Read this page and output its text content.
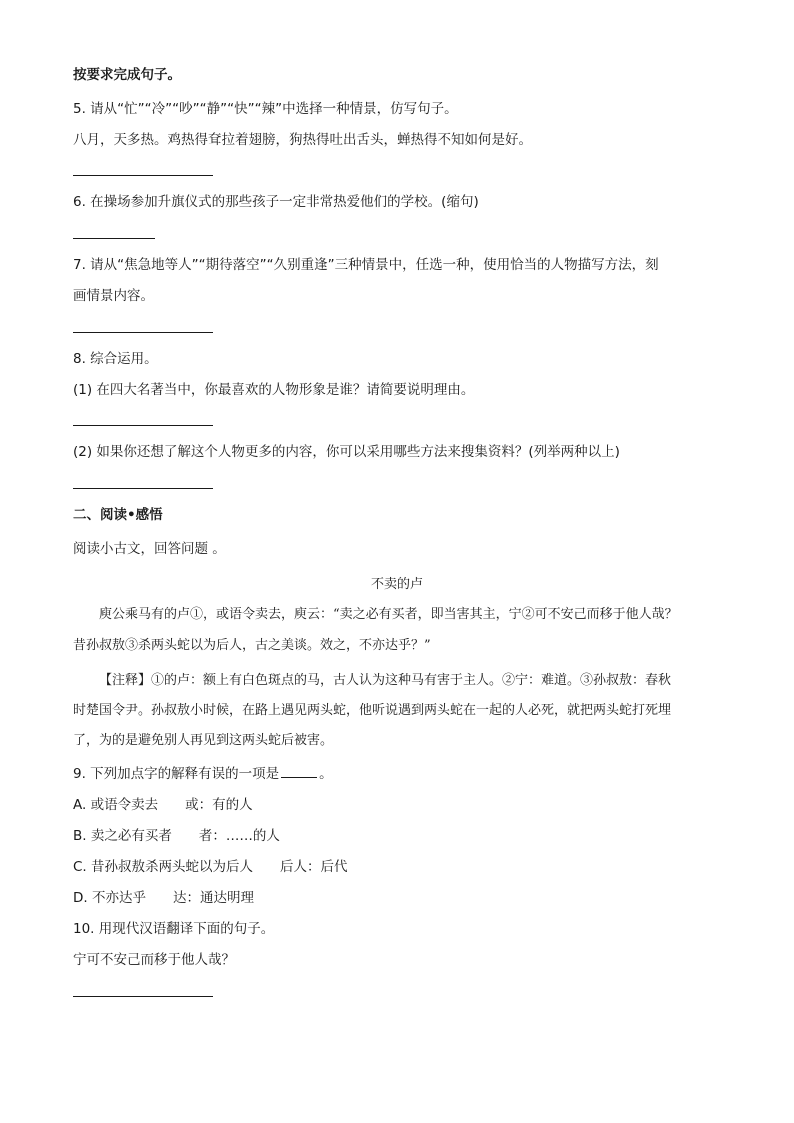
按要求完成句子。
5. 请从“忙”“冷”“吵”“静”“快”“辣”中选择一种情景，仿写句子。
八月，天多热。鸡热得耷拉着翅膀，狗热得吐出舌头，蝉热得不知如何是好。
6. 在操场参加升旗仪式的那些孩子一定非常热爱他们的学校。(缩句)
7. 请从“焦急地等人”“期待落空”“久别重逢”三种情景中，任选一种，使用恰当的人物描写方法，刻
画情景内容。
8. 综合运用。
(1) 在四大名著当中，你最喜欢的人物形象是谁？请简要说明理由。
(2) 如果你还想了解这个人物更多的内容，你可以采用哪些方法来搜集资料？(列举两种以上)
二、阅读•感悟
阅读小古文，回答问题 。
不卖的卢
庾公乘马有的卢①，或语令卖去，庾云：“卖之必有买者，即当害其主，宁②可不安己而移于他人哉？
昔孙叔敖③杀两头蛇以为后人，古之美谈。效之，不亦达乎？”
【注释】①的卢：额上有白色斑点的马，古人认为这种马有害于主人。②宁：难道。③孙叔敖：春秋
时楚国令尹。孙叔敖小时候，在路上遇见两头蛇，他听说遇到两头蛇在一起的人必死，就把两头蛇打死埋
了，为的是避免别人再见到这两头蛇后被害。
9. 下列加点字的解释有误的一项是	。
A. 或语令卖去　　或：有的人
B. 卖之必有买者　　者：……的人
C. 昔孙叔敖杀两头蛇以为后人　　后人：后代
D. 不亦达乎　　达：通达明理
10. 用现代汉语翻译下面的句子。
宁可不安己而移于他人哉？
